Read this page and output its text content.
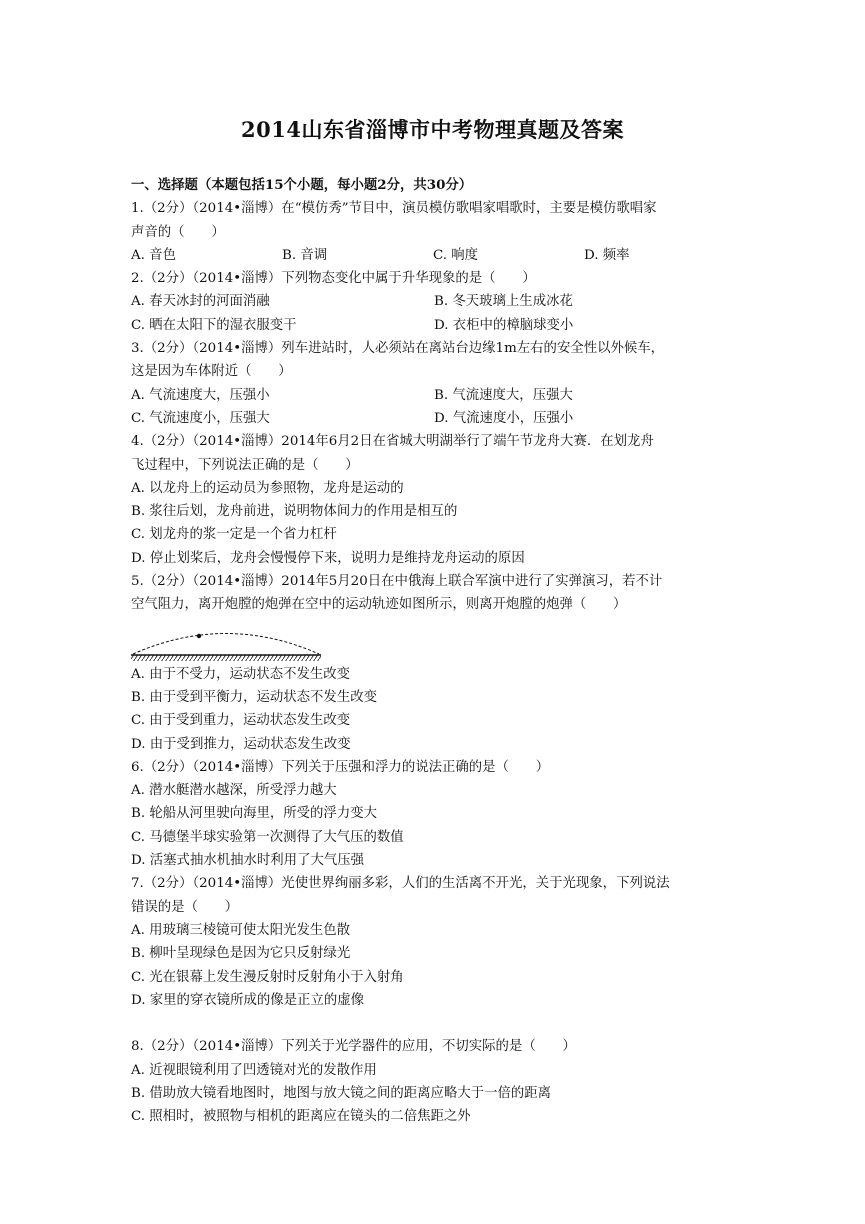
2014山东省淄博市中考物理真题及答案
一、选择题（本题包括15个小题，每小题2分，共30分）
1.（2分）（2014•淄博）在“模仿秀”节目中，演员模仿歌唱家唱歌时，主要是模仿歌唱家
声音的（　　）
A. 音色	B. 音调	C. 响度	D. 频率
2.（2分）（2014•淄博）下列物态变化中属于升华现象的是（　　）
A. 春天冰封的河面消融	B. 冬天玻璃上生成冰花
C. 晒在太阳下的湿衣服变干	D. 衣柜中的樟脑球变小
3.（2分）（2014•淄博）列车进站时，人必须站在离站台边缘1m左右的安全性以外候车，
这是因为车体附近（　　）
A. 气流速度大，压强小	B. 气流速度大，压强大
C. 气流速度小，压强大	D. 气流速度小，压强小
4.（2分）（2014•淄博）2014年6月2日在省城大明湖举行了端午节龙舟大赛．在划龙舟
飞过程中，下列说法正确的是（　　）
A. 以龙舟上的运动员为参照物，龙舟是运动的
B. 浆往后划，龙舟前进，说明物体间力的作用是相互的
C. 划龙舟的浆一定是一个省力杠杆
D. 停止划桨后，龙舟会慢慢停下来，说明力是维持龙舟运动的原因
5.（2分）（2014•淄博）2014年5月20日在中俄海上联合军演中进行了实弹演习，若不计
空气阻力，离开炮膛的炮弹在空中的运动轨迹如图所示，则离开炮膛的炮弹（　　）
A. 由于不受力，运动状态不发生改变
B. 由于受到平衡力，运动状态不发生改变
C. 由于受到重力，运动状态发生改变
D. 由于受到推力，运动状态发生改变
6.（2分）（2014•淄博）下列关于压强和浮力的说法正确的是（　　）
A. 潜水艇潜水越深，所受浮力越大
B. 轮船从河里驶向海里，所受的浮力变大
C. 马德堡半球实验第一次测得了大气压的数值
D. 活塞式抽水机抽水时利用了大气压强
7.（2分）（2014•淄博）光使世界绚丽多彩，人们的生活离不开光，关于光现象，下列说法
错误的是（　　）
A. 用玻璃三棱镜可使太阳光发生色散
B. 柳叶呈现绿色是因为它只反射绿光
C. 光在银幕上发生漫反射时反射角小于入射角
D. 家里的穿衣镜所成的像是正立的虚像
8.（2分）（2014•淄博）下列关于光学器件的应用，不切实际的是（　　）
A. 近视眼镜利用了凹透镜对光的发散作用
B. 借助放大镜看地图时，地图与放大镜之间的距离应略大于一倍的距离
C. 照相时，被照物与相机的距离应在镜头的二倍焦距之外
